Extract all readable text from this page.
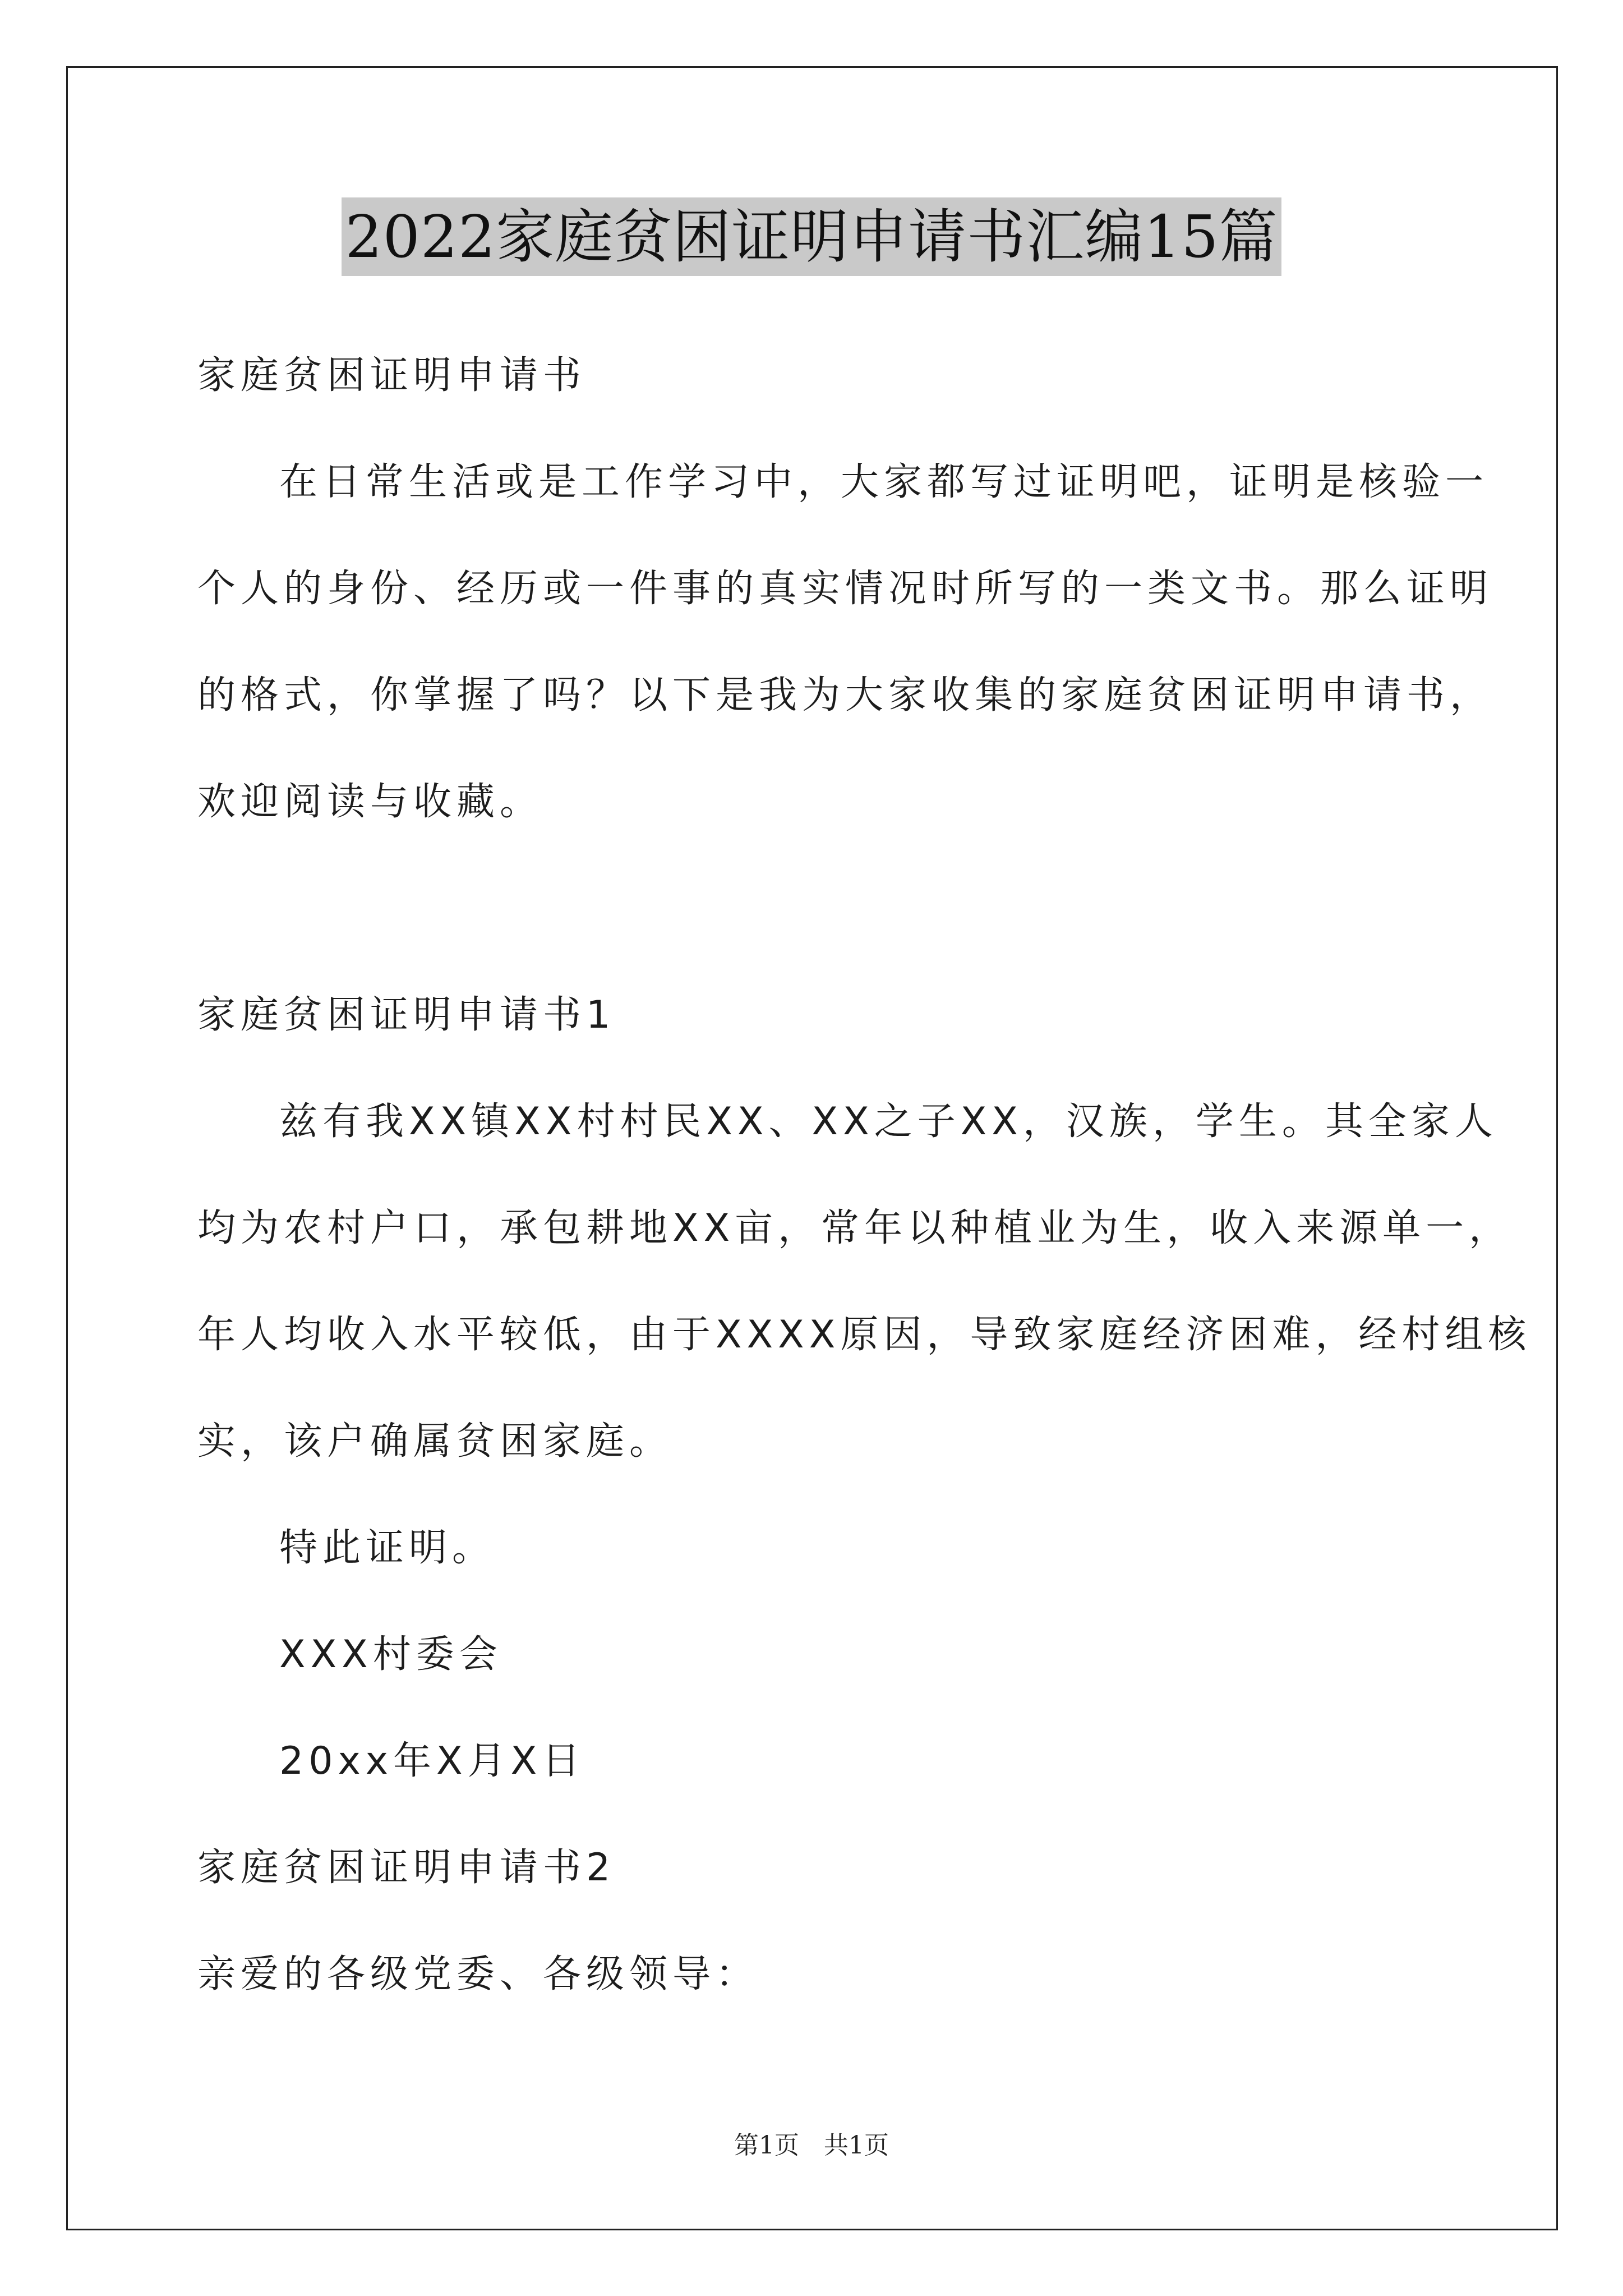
2022家庭贫困证明申请书汇编15篇
家庭贫困证明申请书
在日常生活或是工作学习中，大家都写过证明吧，证明是核验一
个人的身份、经历或一件事的真实情况时所写的一类文书。那么证明
的格式，你掌握了吗？以下是我为大家收集的家庭贫困证明申请书，
欢迎阅读与收藏。
家庭贫困证明申请书1
兹有我XX镇XX村村民XX、XX之子XX，汉族，学生。其全家人
均为农村户口，承包耕地XX亩，常年以种植业为生，收入来源单一，
年人均收入水平较低，由于XXXX原因，导致家庭经济困难，经村组核
实，该户确属贫困家庭。
特此证明。
XXX村委会
20xx年X月X日
家庭贫困证明申请书2
亲爱的各级党委、各级领导：
第1页 共1页
